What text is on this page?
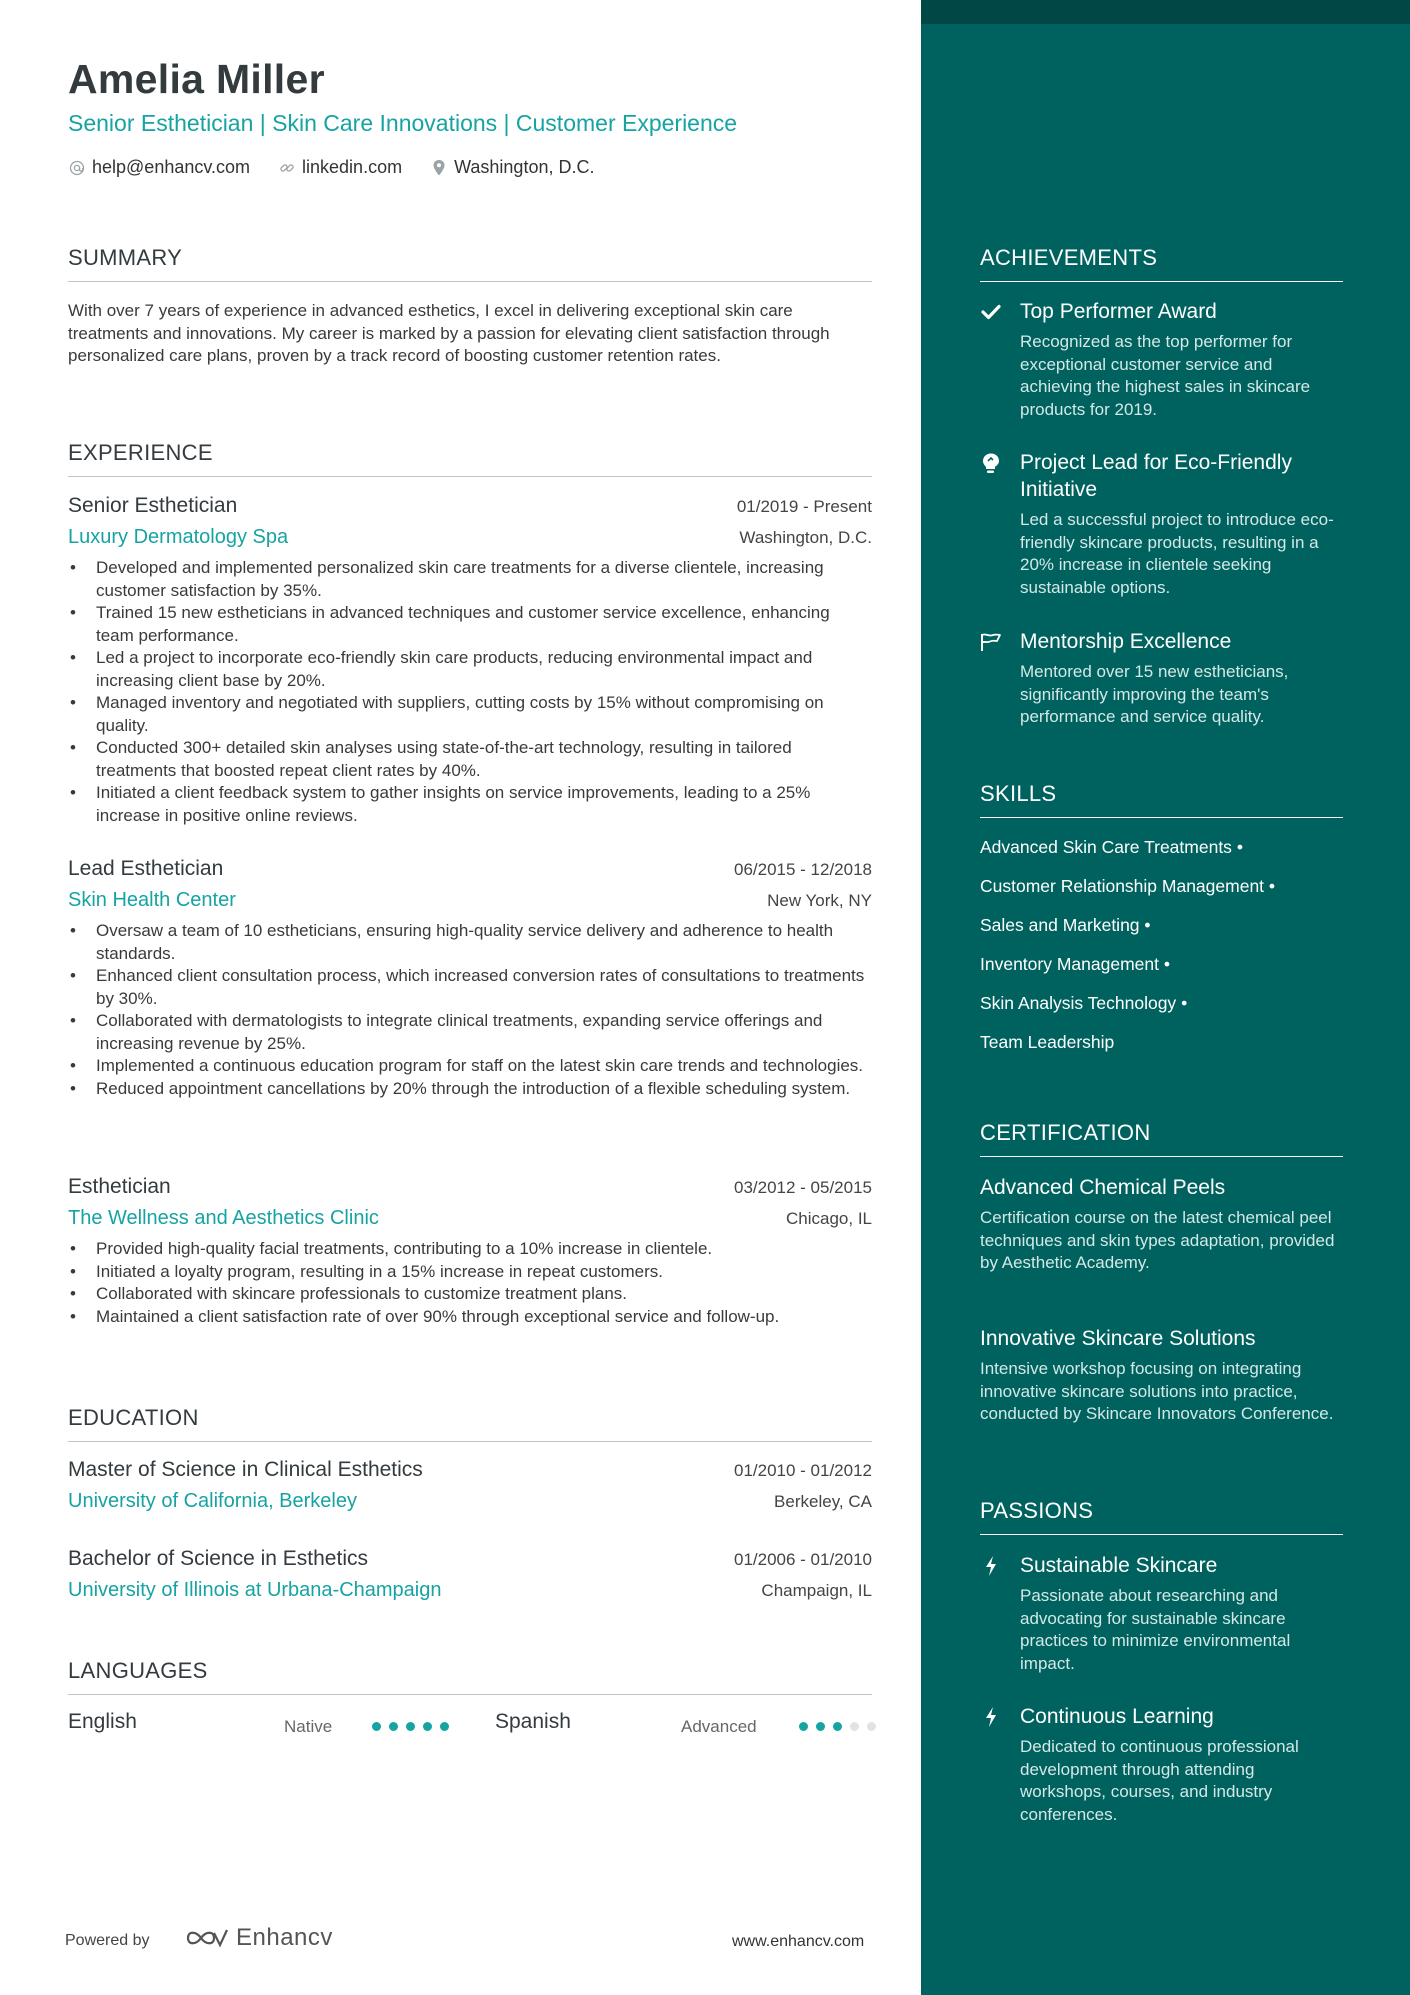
Amelia Miller
Senior Esthetician | Skin Care Innovations | Customer Experience
help@enhancv.com	linkedin.com	Washington, D.C.
SUMMARY
With over 7 years of experience in advanced esthetics, I excel in delivering exceptional skin care treatments and innovations. My career is marked by a passion for elevating client satisfaction through personalized care plans, proven by a track record of boosting customer retention rates.
EXPERIENCE
Senior Esthetician	01/2019 - Present
Luxury Dermatology Spa	Washington, D.C.
• Developed and implemented personalized skin care treatments for a diverse clientele, increasing customer satisfaction by 35%.
• Trained 15 new estheticians in advanced techniques and customer service excellence, enhancing team performance.
• Led a project to incorporate eco-friendly skin care products, reducing environmental impact and increasing client base by 20%.
• Managed inventory and negotiated with suppliers, cutting costs by 15% without compromising on quality.
• Conducted 300+ detailed skin analyses using state-of-the-art technology, resulting in tailored treatments that boosted repeat client rates by 40%.
• Initiated a client feedback system to gather insights on service improvements, leading to a 25% increase in positive online reviews.
Lead Esthetician	06/2015 - 12/2018
Skin Health Center	New York, NY
• Oversaw a team of 10 estheticians, ensuring high-quality service delivery and adherence to health standards.
• Enhanced client consultation process, which increased conversion rates of consultations to treatments by 30%.
• Collaborated with dermatologists to integrate clinical treatments, expanding service offerings and increasing revenue by 25%.
• Implemented a continuous education program for staff on the latest skin care trends and technologies.
• Reduced appointment cancellations by 20% through the introduction of a flexible scheduling system.
Esthetician	03/2012 - 05/2015
The Wellness and Aesthetics Clinic	Chicago, IL
• Provided high-quality facial treatments, contributing to a 10% increase in clientele.
• Initiated a loyalty program, resulting in a 15% increase in repeat customers.
• Collaborated with skincare professionals to customize treatment plans.
• Maintained a client satisfaction rate of over 90% through exceptional service and follow-up.
EDUCATION
Master of Science in Clinical Esthetics	01/2010 - 01/2012
University of California, Berkeley	Berkeley, CA
Bachelor of Science in Esthetics	01/2006 - 01/2010
University of Illinois at Urbana-Champaign	Champaign, IL
LANGUAGES
English	Native	Spanish	Advanced
Powered by	Enhancv	www.enhancv.com
ACHIEVEMENTS
Top Performer Award
Recognized as the top performer for exceptional customer service and achieving the highest sales in skincare products for 2019.
Project Lead for Eco-Friendly Initiative
Led a successful project to introduce eco-friendly skincare products, resulting in a 20% increase in clientele seeking sustainable options.
Mentorship Excellence
Mentored over 15 new estheticians, significantly improving the team's performance and service quality.
SKILLS
Advanced Skin Care Treatments •
Customer Relationship Management •
Sales and Marketing •
Inventory Management •
Skin Analysis Technology •
Team Leadership
CERTIFICATION
Advanced Chemical Peels
Certification course on the latest chemical peel techniques and skin types adaptation, provided by Aesthetic Academy.
Innovative Skincare Solutions
Intensive workshop focusing on integrating innovative skincare solutions into practice, conducted by Skincare Innovators Conference.
PASSIONS
Sustainable Skincare
Passionate about researching and advocating for sustainable skincare practices to minimize environmental impact.
Continuous Learning
Dedicated to continuous professional development through attending workshops, courses, and industry conferences.
